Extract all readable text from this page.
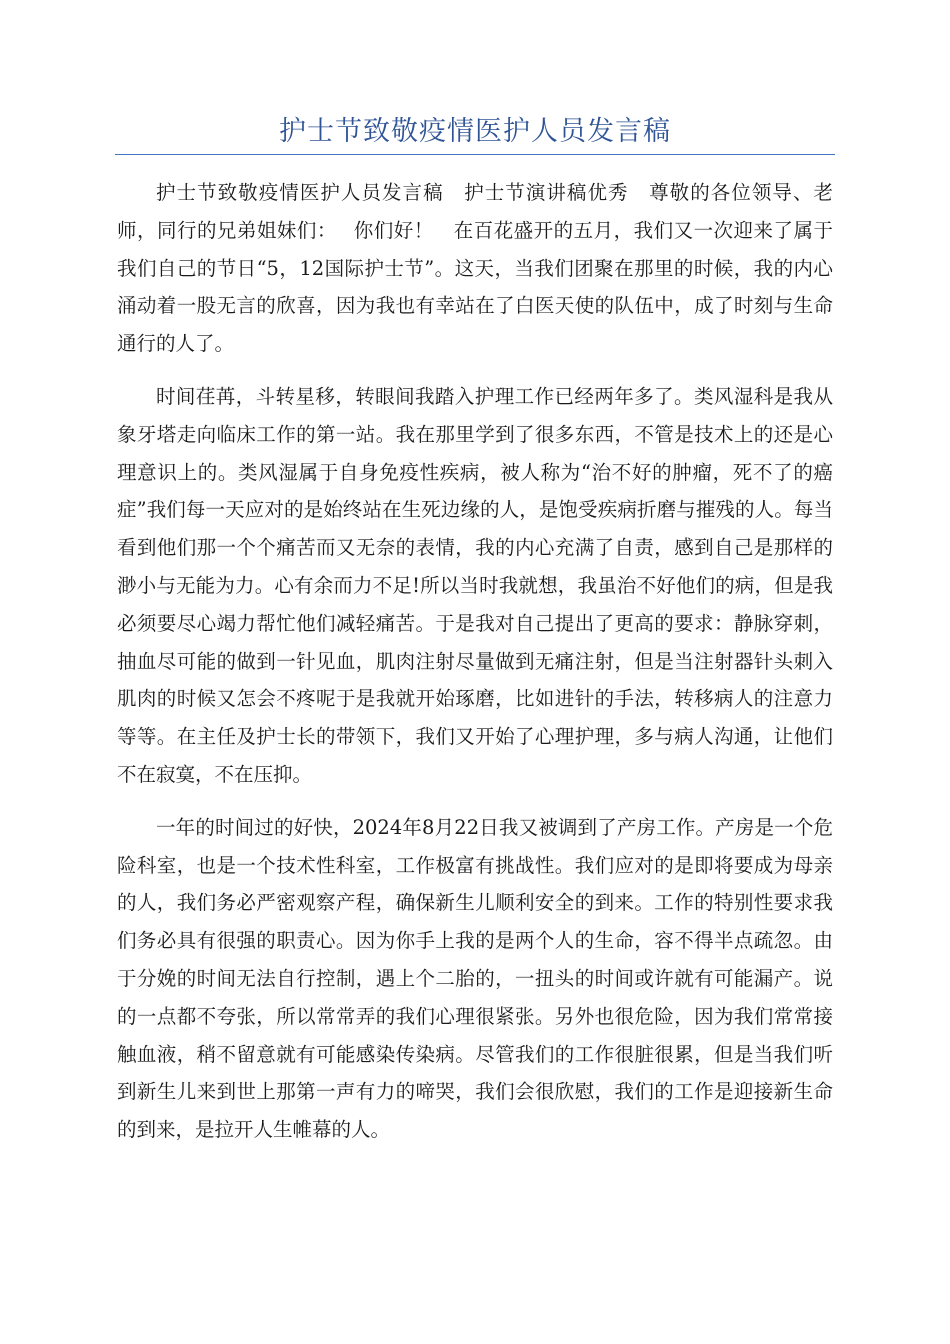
护士节致敬疫情医护人员发言稿

护士节致敬疫情医护人员发言稿　护士节演讲稿优秀　尊敬的各位领导、老师，同行的兄弟姐妹们：　 你们好！　在百花盛开的五月，我们又一次迎来了属于我们自己的节日“5，12国际护士节”。这天，当我们团聚在那里的时候，我的内心涌动着一股无言的欣喜，因为我也有幸站在了白医天使的队伍中，成了时刻与生命通行的人了。

时间荏苒，斗转星移，转眼间我踏入护理工作已经两年多了。类风湿科是我从象牙塔走向临床工作的第一站。我在那里学到了很多东西，不管是技术上的还是心理意识上的。类风湿属于自身免疫性疾病，被人称为“治不好的肿瘤，死不了的癌症”我们每一天应对的是始终站在生死边缘的人，是饱受疾病折磨与摧残的人。每当看到他们那一个个痛苦而又无奈的表情，我的内心充满了自责，感到自己是那样的渺小与无能为力。心有余而力不足!所以当时我就想，我虽治不好他们的病，但是我必须要尽心竭力帮忙他们减轻痛苦。于是我对自己提出了更高的要求：静脉穿刺，抽血尽可能的做到一针见血，肌肉注射尽量做到无痛注射，但是当注射器针头刺入肌肉的时候又怎会不疼呢于是我就开始琢磨，比如进针的手法，转移病人的注意力等等。在主任及护士长的带领下，我们又开始了心理护理，多与病人沟通，让他们不在寂寞，不在压抑。

一年的时间过的好快，2024年8月22日我又被调到了产房工作。产房是一个危险科室，也是一个技术性科室，工作极富有挑战性。我们应对的是即将要成为母亲的人，我们务必严密观察产程，确保新生儿顺利安全的到来。工作的特别性要求我们务必具有很强的职责心。因为你手上我的是两个人的生命，容不得半点疏忽。由于分娩的时间无法自行控制，遇上个二胎的，一扭头的时间或许就有可能漏产。说的一点都不夸张，所以常常弄的我们心理很紧张。另外也很危险，因为我们常常接触血液，稍不留意就有可能感染传染病。尽管我们的工作很脏很累，但是当我们听到新生儿来到世上那第一声有力的啼哭，我们会很欣慰，我们的工作是迎接新生命的到来，是拉开人生帷幕的人。
